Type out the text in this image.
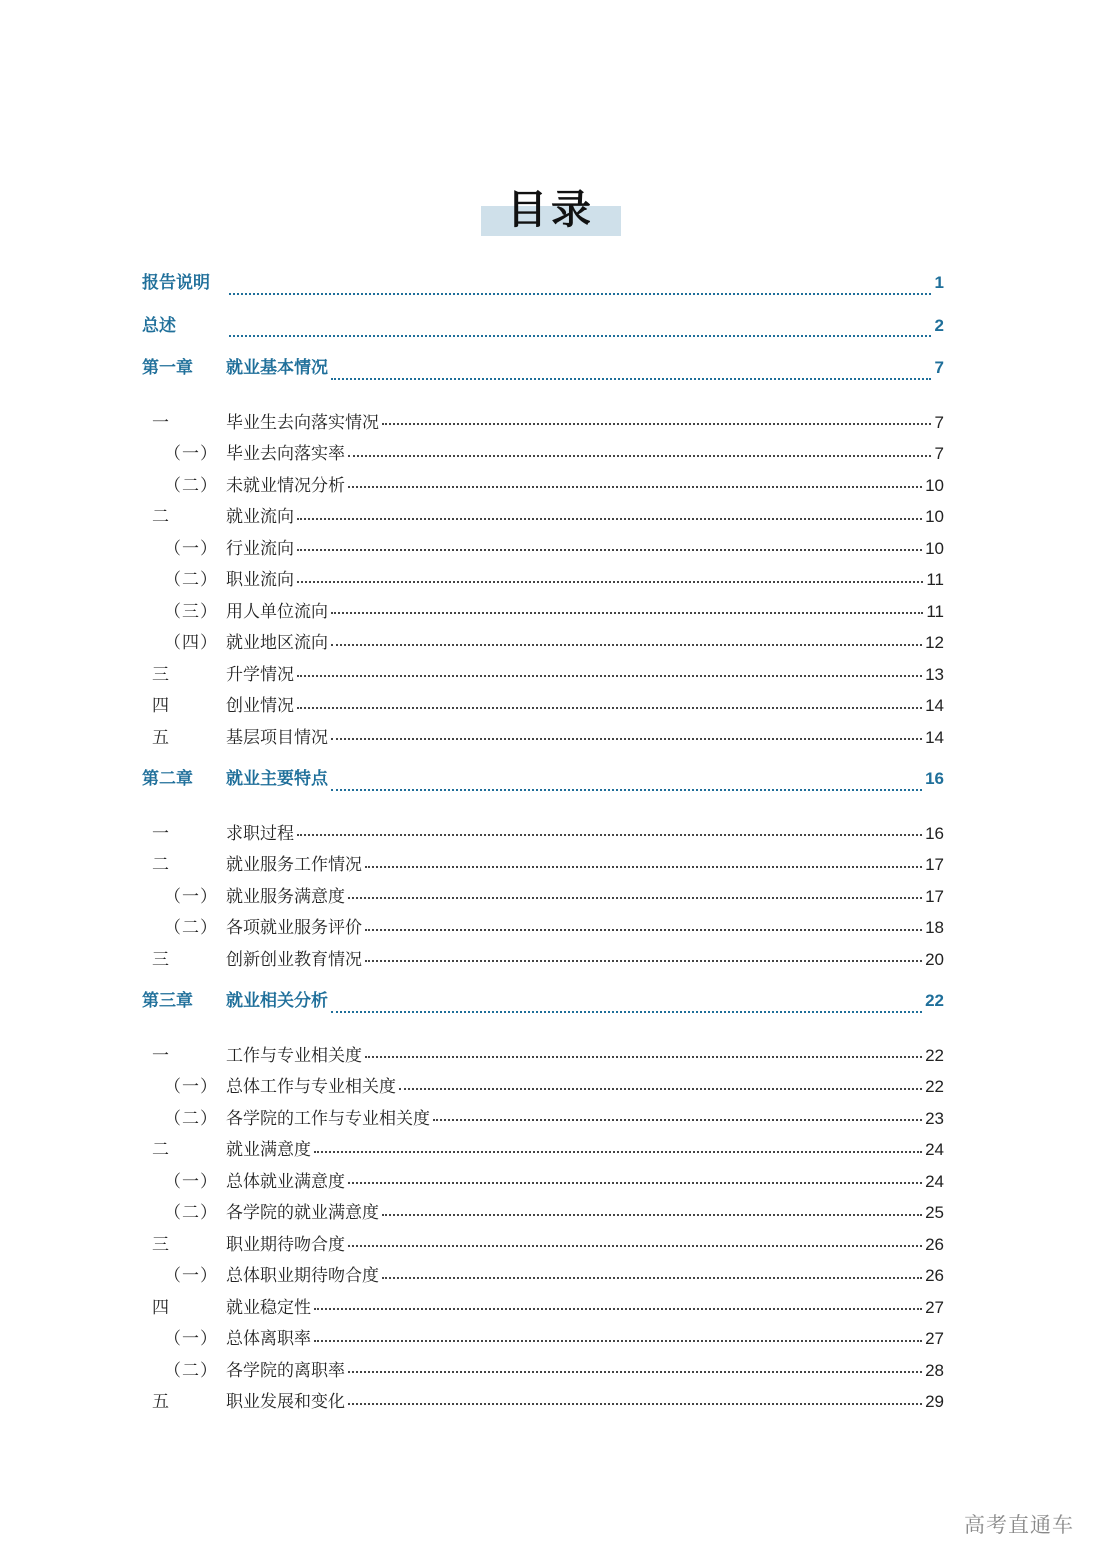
目录
报告说明	1
总述	2
第一章	就业基本情况	7
一	毕业生去向落实情况	7
（一） 毕业去向落实率	7
（二） 未就业情况分析	10
二	就业流向	10
（一） 行业流向	10
（二） 职业流向	11
（三） 用人单位流向	11
（四） 就业地区流向	12
三	升学情况	13
四	创业情况	14
五	基层项目情况	14
第二章	就业主要特点	16
一	求职过程	16
二	就业服务工作情况	17
（一） 就业服务满意度	17
（二） 各项就业服务评价	18
三	创新创业教育情况	20
第三章	就业相关分析	22
一	工作与专业相关度	22
（一） 总体工作与专业相关度	22
（二） 各学院的工作与专业相关度	23
二	就业满意度	24
（一） 总体就业满意度	24
（二） 各学院的就业满意度	25
三	职业期待吻合度	26
（一） 总体职业期待吻合度	26
四	就业稳定性	27
（一） 总体离职率	27
（二） 各学院的离职率	28
五	职业发展和变化	29
高考直通车
